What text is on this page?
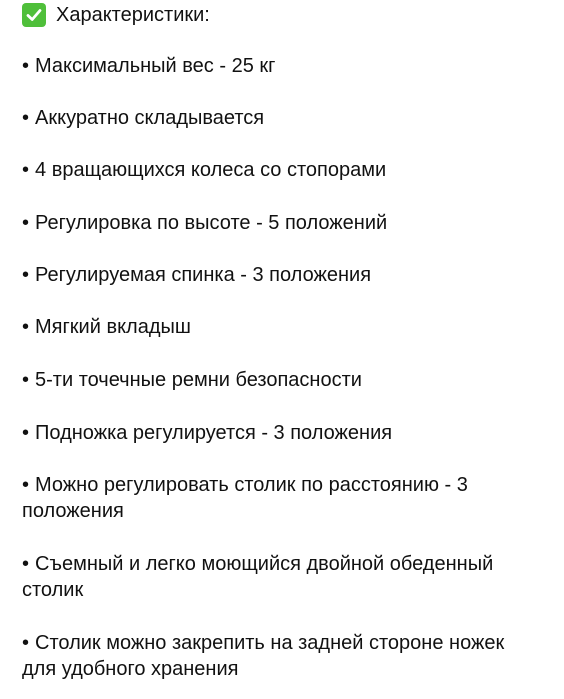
Характеристики:
• Максимальный вес - 25 кг
• Аккуратно складывается
• 4 вращающихся колеса со стопорами
• Регулировка по высоте - 5 положений
• Регулируемая спинка - 3 положения
• Мягкий вкладыш
• 5-ти точечные ремни безопасности
• Подножка регулируется - 3 положения
• Можно регулировать столик по расстоянию - 3 положения
• Съемный и легко моющийся двойной обеденный столик
• Столик можно закрепить на задней стороне ножек для удобного хранения
